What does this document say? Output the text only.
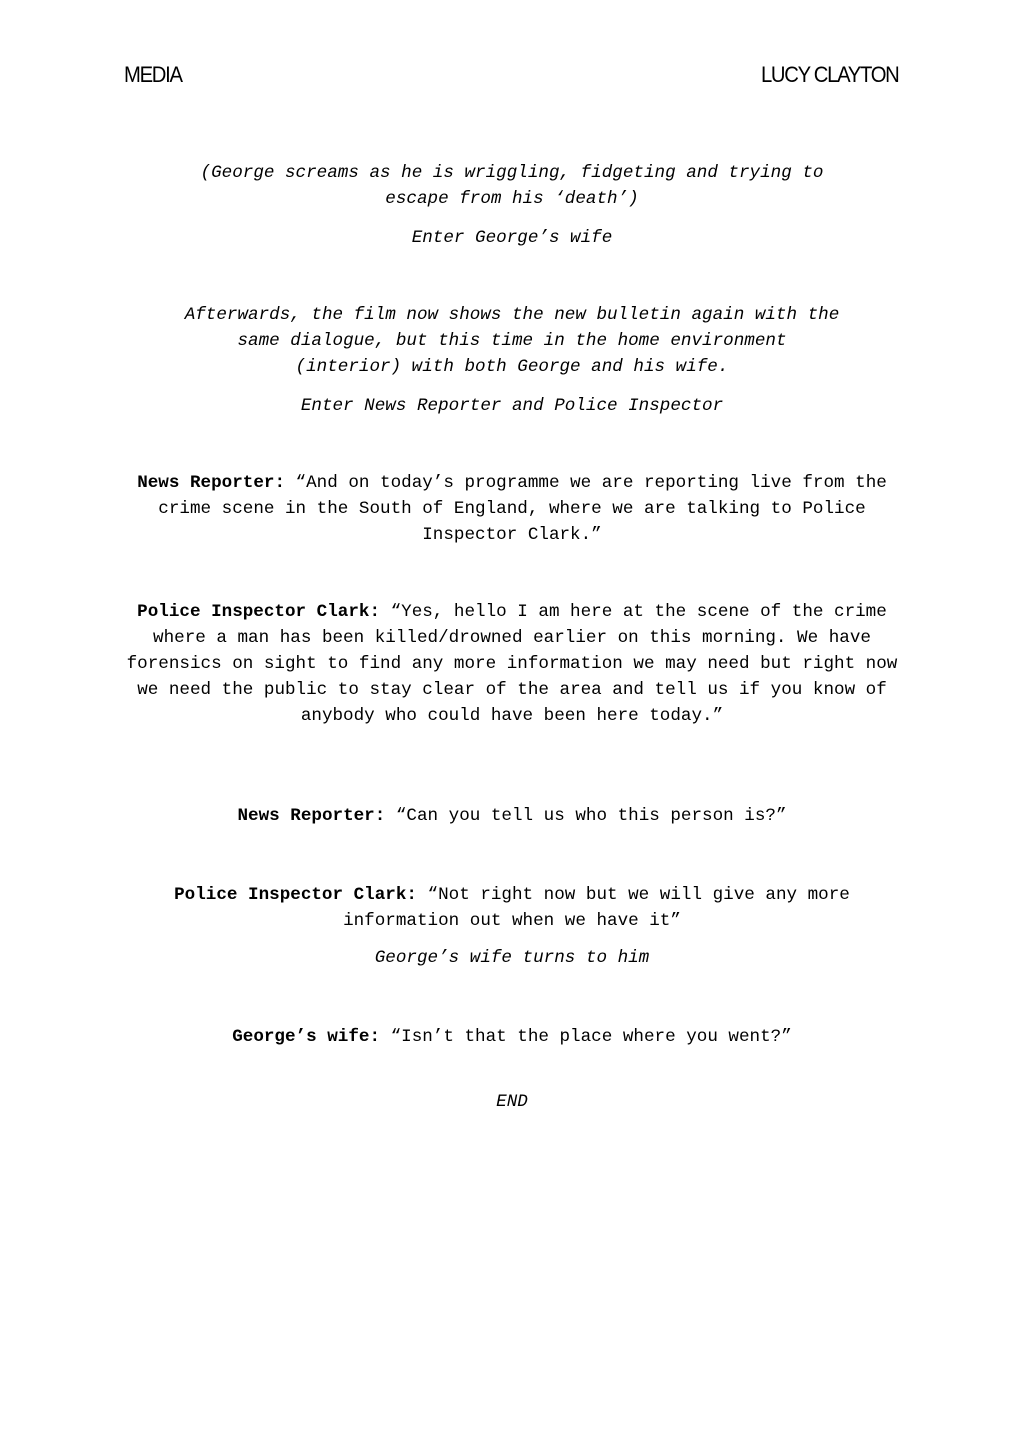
MEDIA	LUCY CLAYTON

(George screams as he is wriggling, fidgeting and trying to

escape from his ‘death’)

Enter George’s wife

Afterwards, the film now shows the new bulletin again with the

same dialogue, but this time in the home environment

(interior) with both George and his wife.

Enter News Reporter and Police Inspector

News Reporter: “And on today’s programme we are reporting live from the crime scene in the South of England, where we are talking to Police Inspector Clark.”

Police Inspector Clark: “Yes, hello I am here at the scene of the crime where a man has been killed/drowned earlier on this morning. We have forensics on sight to find any more information we may need but right now we need the public to stay clear of the area and tell us if you know of anybody who could have been here today.”

News Reporter: “Can you tell us who this person is?”

Police Inspector Clark: “Not right now but we will give any more information out when we have it”

George’s wife turns to him

George’s wife: “Isn’t that the place where you went?”

END
